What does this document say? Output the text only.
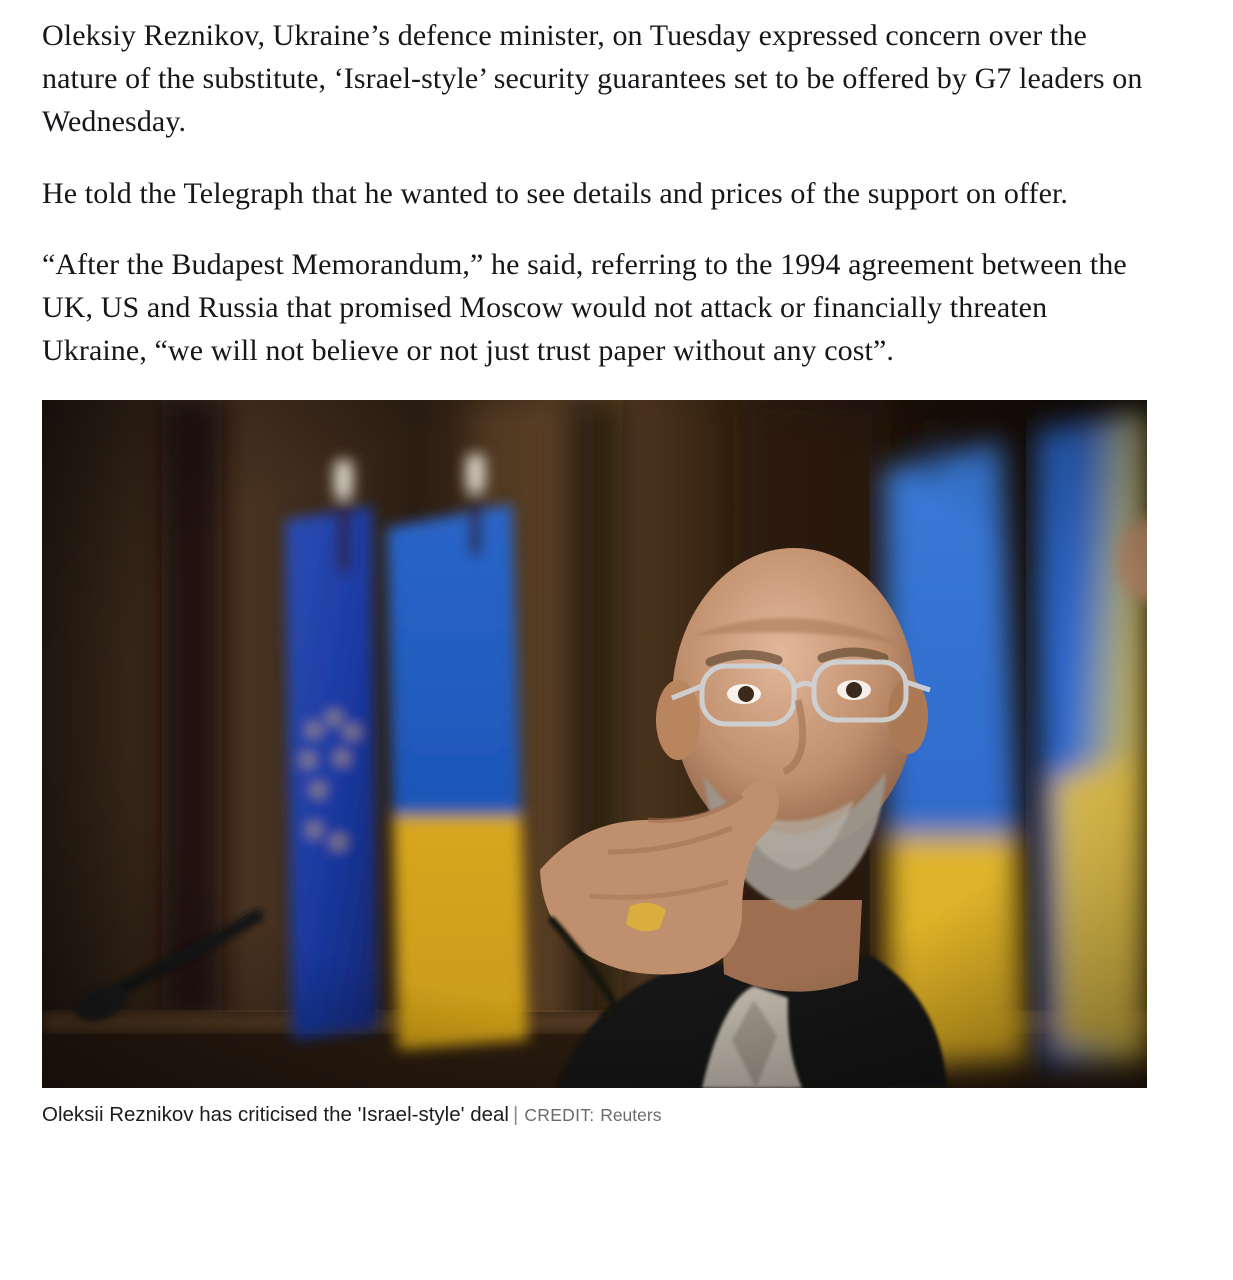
Oleksiy Reznikov, Ukraine’s defence minister, on Tuesday expressed concern over the nature of the substitute, ‘Israel-style’ security guarantees set to be offered by G7 leaders on Wednesday.

He told the Telegraph that he wanted to see details and prices of the support on offer.

“After the Budapest Memorandum,” he said, referring to the 1994 agreement between the UK, US and Russia that promised Moscow would not attack or financially threaten Ukraine, “we will not believe or not just trust paper without any cost”.

Oleksii Reznikov has criticised the 'Israel-style' deal | CREDIT: Reuters
